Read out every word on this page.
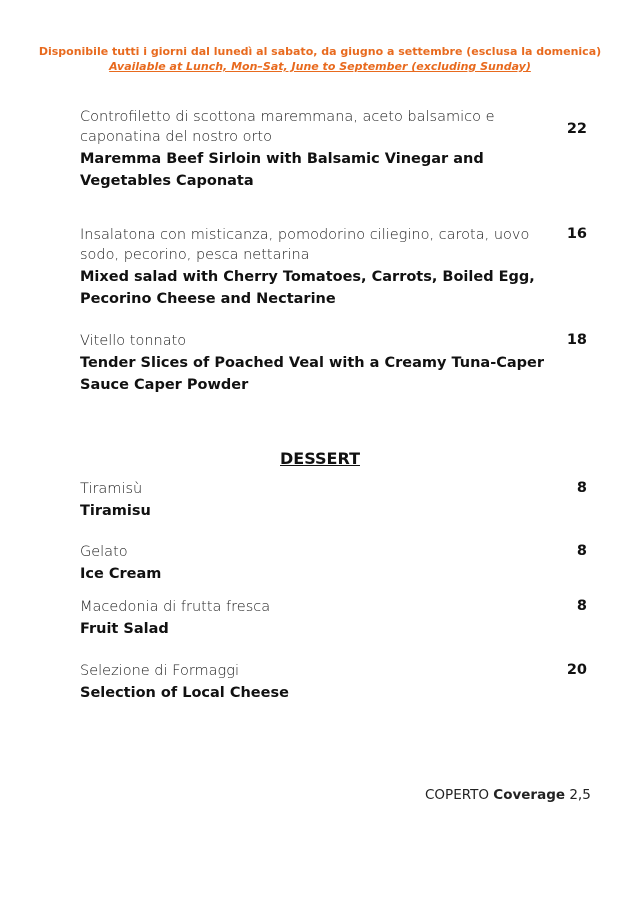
Disponibile tutti i giorni dal lunedì al sabato, da giugno a settembre (esclusa la domenica)
Available at Lunch, Mon–Sat, June to September (excluding Sunday)
Controfiletto di scottona maremmana, aceto balsamico e caponatina del nostro orto
Maremma Beef Sirloin with Balsamic Vinegar and Vegetables Caponata
22
Insalatona con misticanza, pomodorino ciliegino, carota, uovo sodo, pecorino, pesca nettarina
Mixed salad with Cherry Tomatoes, Carrots, Boiled Egg, Pecorino Cheese and Nectarine
16
Vitello tonnato
Tender Slices of Poached Veal with a Creamy Tuna-Caper Sauce Caper Powder
18
DESSERT
Tiramisù
Tiramisu
8
Gelato
Ice Cream
8
Macedonia di frutta fresca
Fruit Salad
8
Selezione di Formaggi
Selection of Local Cheese
20
COPERTO Coverage 2,5
